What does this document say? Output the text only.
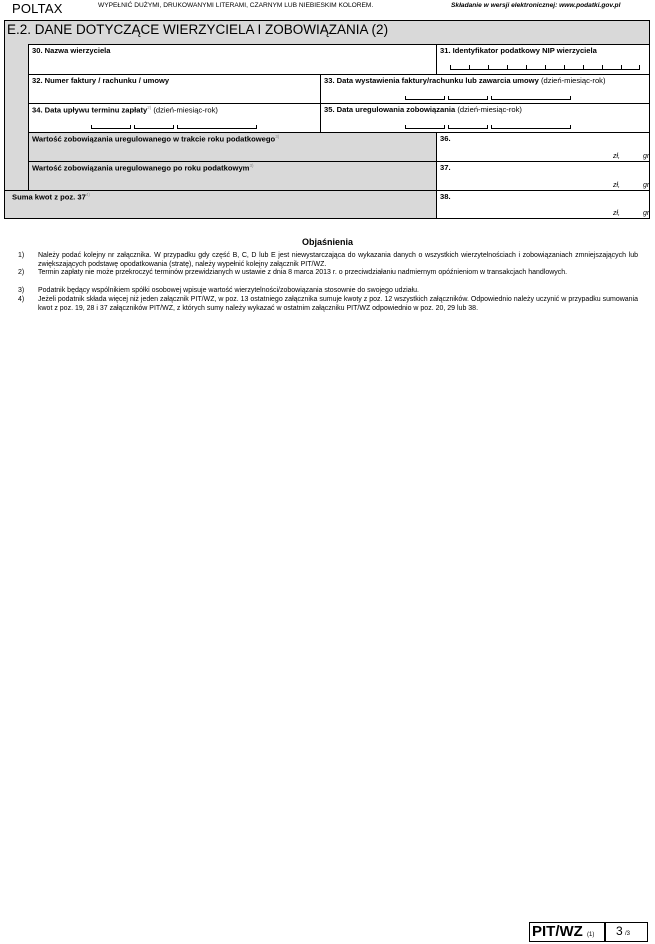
POLTAX	WYPEŁNIĆ DUŻYMI, DRUKOWANYMI LITERAMI, CZARNYM LUB NIEBIESKIM KOLOREM.	Składanie w wersji elektronicznej: www.podatki.gov.pl
E.2. DANE DOTYCZĄCE WIERZYCIELA I ZOBOWIĄZANIA (2)
30. Nazwa wierzyciela	31. Identyfikator podatkowy NIP wierzyciela
32. Numer faktury / rachunku / umowy	33. Data wystawienia faktury/rachunku lub zawarcia umowy (dzień-miesiąc-rok)
34. Data upływu terminu zapłaty$^{2)}$ (dzień-miesiąc-rok)	35. Data uregulowania zobowiązania (dzień-miesiąc-rok)
Wartość zobowiązania uregulowanego w trakcie roku podatkowego$^{3)}$	36.
zł,	gr
Wartość zobowiązania uregulowanego po roku podatkowym$^{3)}$	37.
zł,	gr
Suma kwot z poz. 37$^{4)}$	38.
zł,	gr
Objaśnienia
1) Należy podać kolejny nr załącznika. W przypadku gdy część B, C, D lub E jest niewystarczająca do wykazania danych o wszystkich wierzytelnościach i zobowiązaniach zmniejszających lub zwiększających podstawę opodatkowania (stratę), należy wypełnić kolejny załącznik PIT/WZ.
2) Termin zapłaty nie może przekroczyć terminów przewidzianych w ustawie z dnia 8 marca 2013 r. o przeciwdziałaniu nadmiernym opóźnieniom w transakcjach handlowych.
3) Podatnik będący wspólnikiem spółki osobowej wpisuje wartość wierzytelności/zobowiązania stosownie do swojego udziału.
4) Jeżeli podatnik składa więcej niż jeden załącznik PIT/WZ, w poz. 13 ostatniego załącznika sumuje kwoty z poz. 12 wszystkich załączników. Odpowiednio należy uczynić w przypadku sumowania kwot z poz. 19, 28 i 37 załączników PIT/WZ, z których sumy należy wykazać w ostatnim załączniku PIT/WZ odpowiednio w poz. 20, 29 lub 38.
PIT/WZ (1) 3 /3
